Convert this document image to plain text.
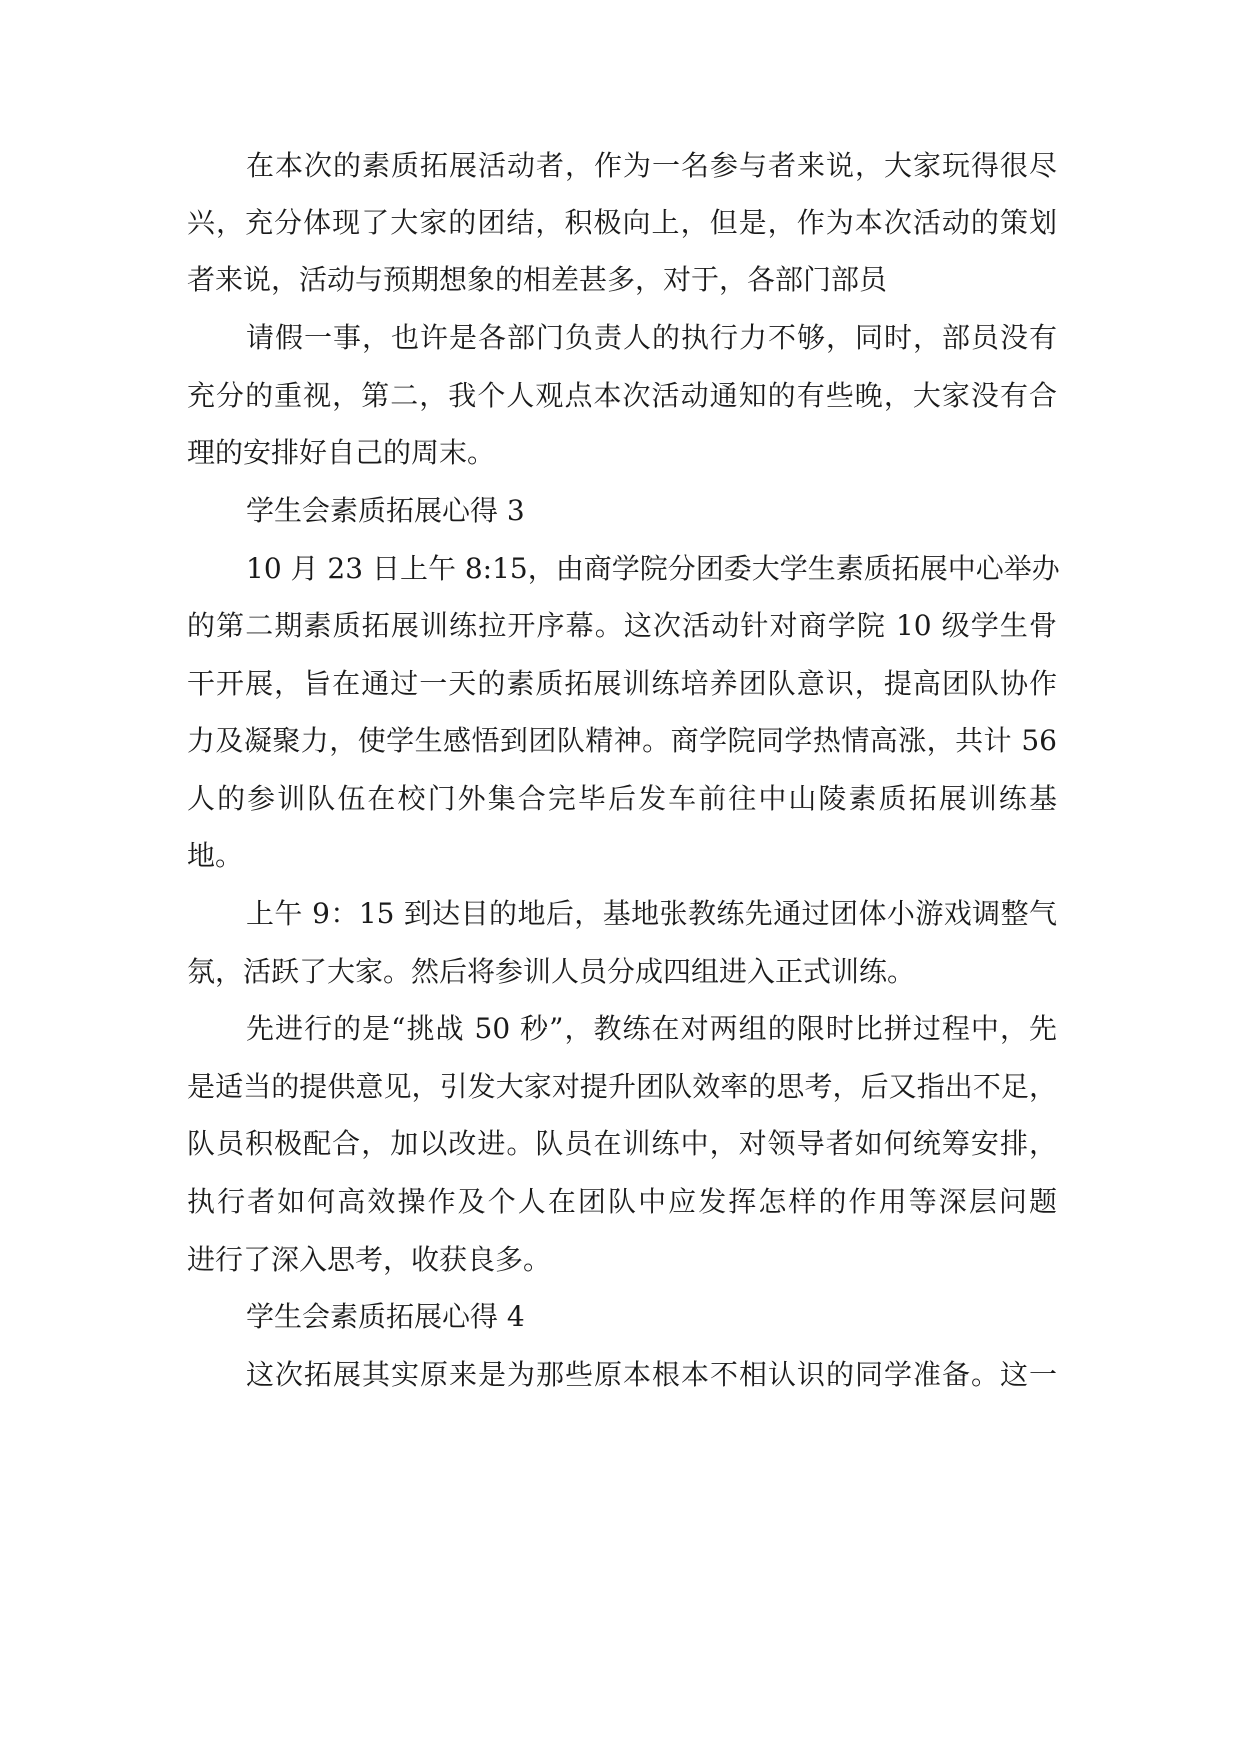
在本次的素质拓展活动者，作为一名参与者来说，大家玩得很尽
兴，充分体现了大家的团结，积极向上，但是，作为本次活动的策划
者来说，活动与预期想象的相差甚多，对于，各部门部员
请假一事，也许是各部门负责人的执行力不够，同时，部员没有
充分的重视，第二，我个人观点本次活动通知的有些晚，大家没有合
理的安排好自己的周末。
学生会素质拓展心得 3
10 月 23 日上午 8:15，由商学院分团委大学生素质拓展中心举办
的第二期素质拓展训练拉开序幕。这次活动针对商学院 10 级学生骨
干开展，旨在通过一天的素质拓展训练培养团队意识，提高团队协作
力及凝聚力，使学生感悟到团队精神。商学院同学热情高涨，共计 56
人的参训队伍在校门外集合完毕后发车前往中山陵素质拓展训练基
地。
上午 9：15 到达目的地后，基地张教练先通过团体小游戏调整气
氛，活跃了大家。然后将参训人员分成四组进入正式训练。
先进行的是“挑战 50 秒”，教练在对两组的限时比拼过程中，先
是适当的提供意见，引发大家对提升团队效率的思考，后又指出不足，
队员积极配合，加以改进。队员在训练中，对领导者如何统筹安排，
执行者如何高效操作及个人在团队中应发挥怎样的作用等深层问题
进行了深入思考，收获良多。
学生会素质拓展心得 4
这次拓展其实原来是为那些原本根本不相认识的同学准备。这一
